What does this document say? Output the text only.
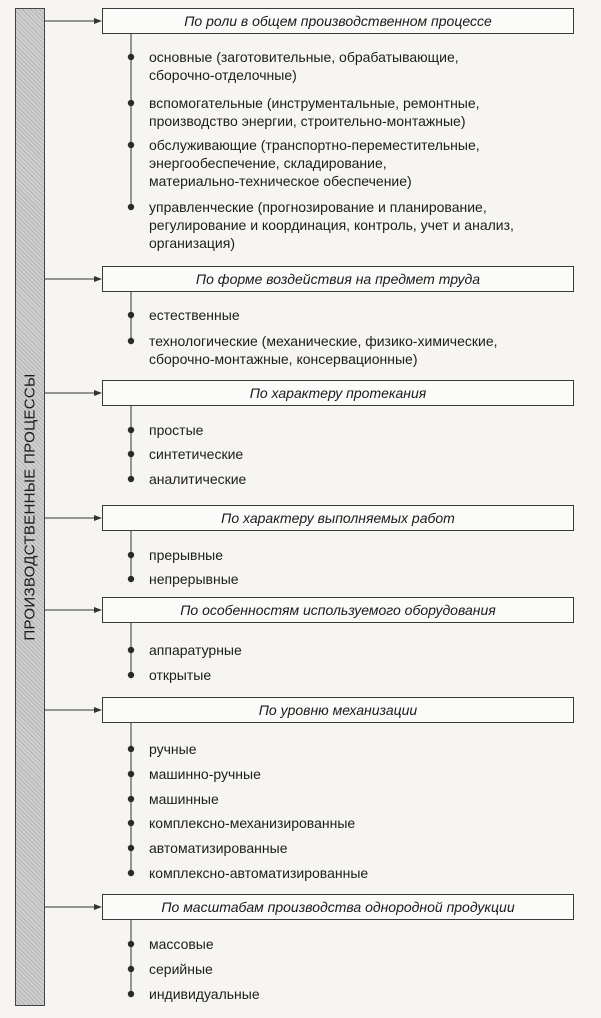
ПРОИЗВОДСТВЕННЫЕ ПРОЦЕССЫ
По роли в общем производственном процессе
основные (заготовительные, обрабатывающие,
сборочно-отделочные)
вспомогательные (инструментальные, ремонтные,
производство энергии, строительно-монтажные)
обслуживающие (транспортно-переместительные,
энергообеспечение, складирование,
материально-техническое обеспечение)
управленческие (прогнозирование и планирование,
регулирование и координация, контроль, учет и анализ,
организация)
По форме воздействия на предмет труда
естественные
технологические (механические, физико-химические,
сборочно-монтажные, консервационные)
По характеру протекания
простые
синтетические
аналитические
По характеру выполняемых работ
прерывные
непрерывные
По особенностям используемого оборудования
аппаратурные
открытые
По уровню механизации
ручные
машинно-ручные
машинные
комплексно-механизированные
автоматизированные
комплексно-автоматизированные
По масштабам производства однородной продукции
массовые
серийные
индивидуальные
